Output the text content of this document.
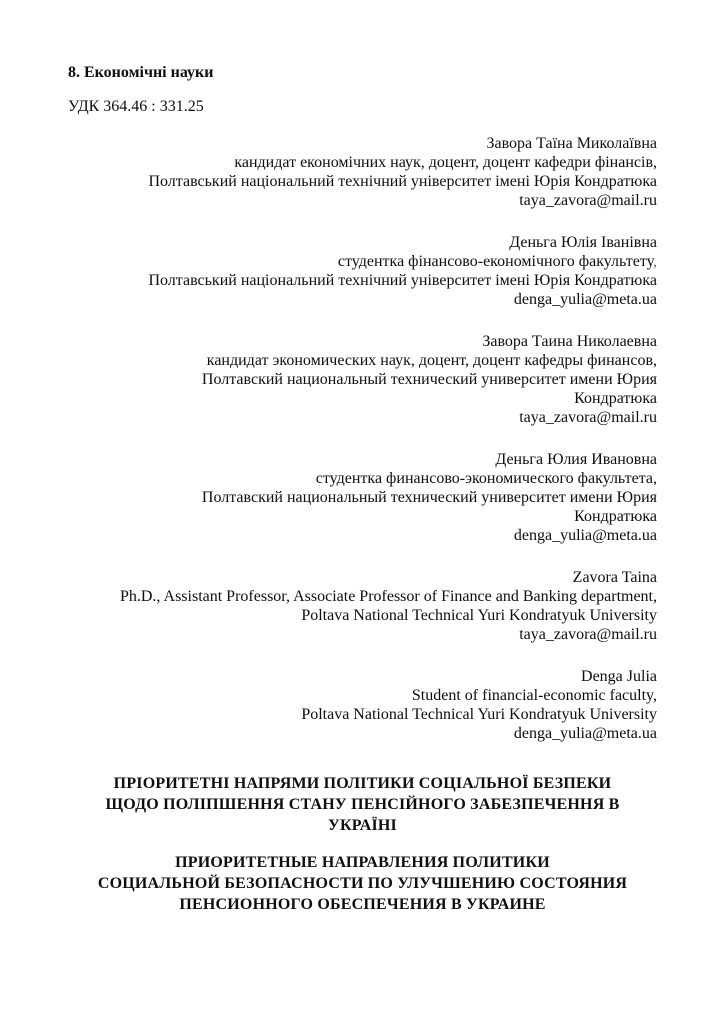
8. Економічні науки

УДК 364.46 : 331.25

Завора Таїна Миколаївна
кандидат економічних наук, доцент, доцент кафедри фінансів,
Полтавський національний технічний університет імені Юрія Кондратюка
taya_zavora@mail.ru
Деньга Юлія Іванівна
студентка фінансово-економічного факультету,
Полтавський національний технічний університет імені Юрія Кондратюка
denga_yulia@meta.ua
Завора Таина Николаевна
кандидат экономических наук, доцент, доцент кафедры финансов,
Полтавский национальный технический университет имени Юрия
Кондратюка
taya_zavora@mail.ru
Деньга Юлия Ивановна
студентка финансово-экономического факультета,
Полтавский национальный технический университет имени Юрия
Кондратюка
denga_yulia@meta.ua
Zavora Taina
Ph.D., Assistant Professor, Associate Professor of Finance and Banking department,
Poltava National Technical Yuri Kondratyuk University
taya_zavora@mail.ru
Denga Julia
Student of financial-economic faculty,
Poltava National Technical Yuri Kondratyuk University
denga_yulia@meta.ua
ПРІОРИТЕТНІ НАПРЯМИ ПОЛІТИКИ СОЦІАЛЬНОЇ БЕЗПЕКИ
ЩОДО ПОЛІПШЕННЯ СТАНУ ПЕНСІЙНОГО ЗАБЕЗПЕЧЕННЯ В
УКРАЇНІ
ПРИОРИТЕТНЫЕ НАПРАВЛЕНИЯ ПОЛИТИКИ
СОЦИАЛЬНОЙ БЕЗОПАСНОСТИ ПО УЛУЧШЕНИЮ СОСТОЯНИЯ
ПЕНСИОННОГО ОБЕСПЕЧЕНИЯ В УКРАИНЕ
